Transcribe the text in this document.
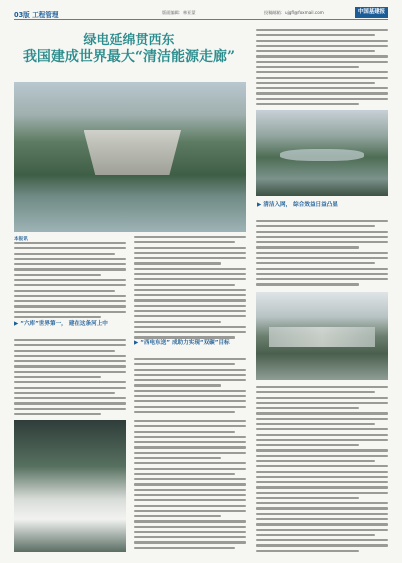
03版 工程管理	版面编辑：林亚蒙	投稿邮箱：ujgfl@foxmail.com	中国基建报
绿电延绵贯西东
我国建成世界最大“清洁能源走廊”
▶ 清洁入网， 综合效益日益凸显
本报讯
▶ “六库”世界第一， 建在这条河上中
▶ “西电东送” 成助力实现“双碳”目标
